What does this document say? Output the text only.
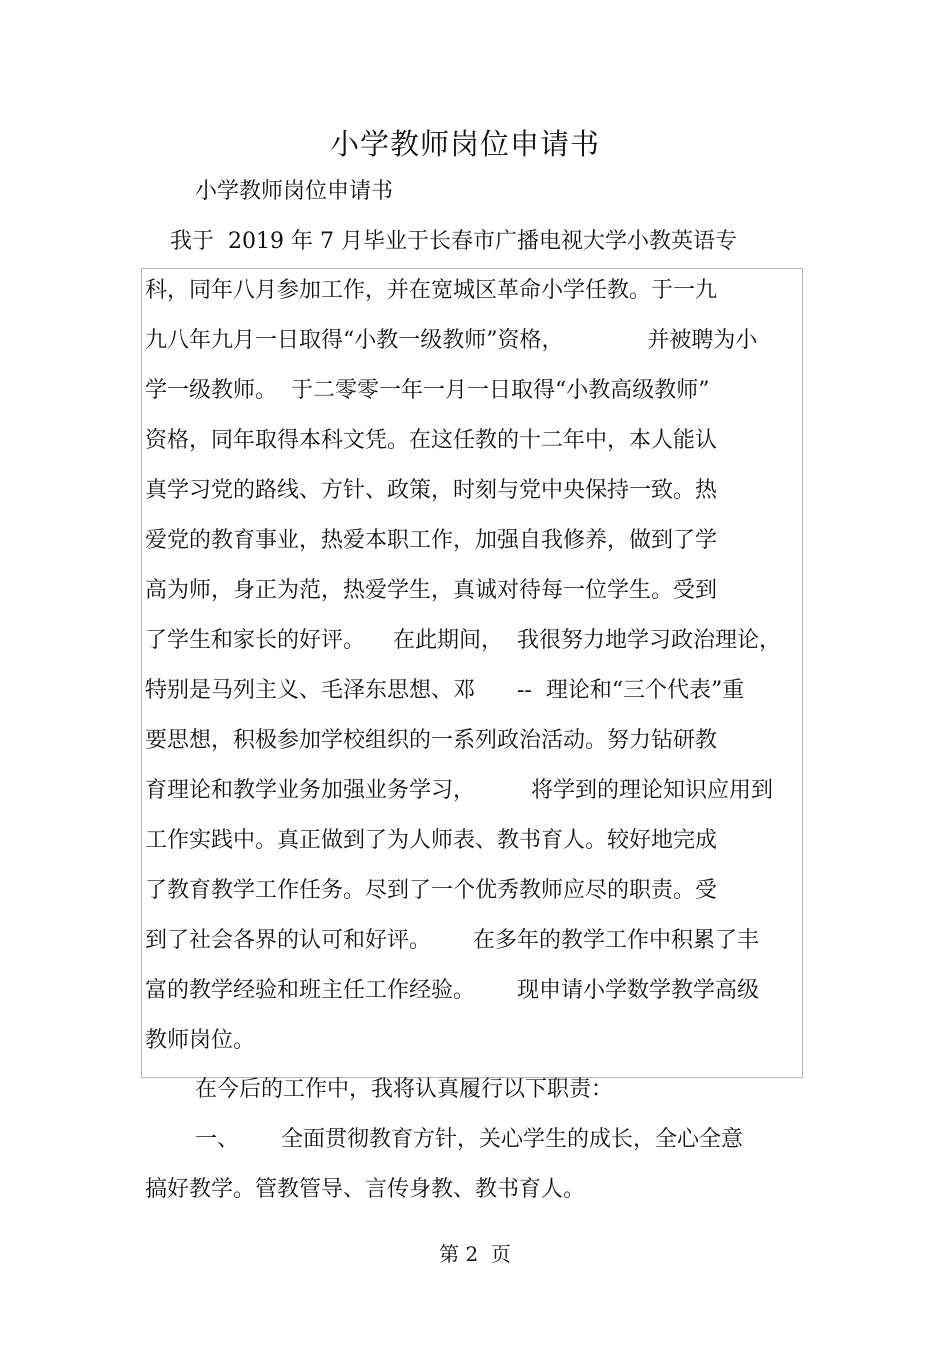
小学教师岗位申请书
小学教师岗位申请书
我于  2019 年 7 月毕业于长春市广播电视大学小教英语专
科，同年八月参加工作，并在宽城区革命小学任教。于一九
九八年九月一日取得“小教一级教师”资格，            并被聘为小
学一级教师。  于二零零一年一月一日取得“小教高级教师”
资格，同年取得本科文凭。在这任教的十二年中，本人能认
真学习党的路线、方针、政策，时刻与党中央保持一致。热
爱党的教育事业，热爱本职工作，加强自我修养，做到了学
高为师，身正为范，热爱学生，真诚对待每一位学生。受到
了学生和家长的好评。    在此期间，  我很努力地学习政治理论，
特别是马列主义、毛泽东思想、邓      --  理论和“三个代表”重
要思想，积极参加学校组织的一系列政治活动。努力钻研教
育理论和教学业务加强业务学习，        将学到的理论知识应用到
工作实践中。真正做到了为人师表、教书育人。较好地完成
了教育教学工作任务。尽到了一个优秀教师应尽的职责。受
到了社会各界的认可和好评。      在多年的教学工作中积累了丰
富的教学经验和班主任工作经验。      现申请小学数学教学高级
教师岗位。
在今后的工作中，我将认真履行以下职责：
一、      全面贯彻教育方针，关心学生的成长，全心全意
搞好教学。管教管导、言传身教、教书育人。
第 2  页
